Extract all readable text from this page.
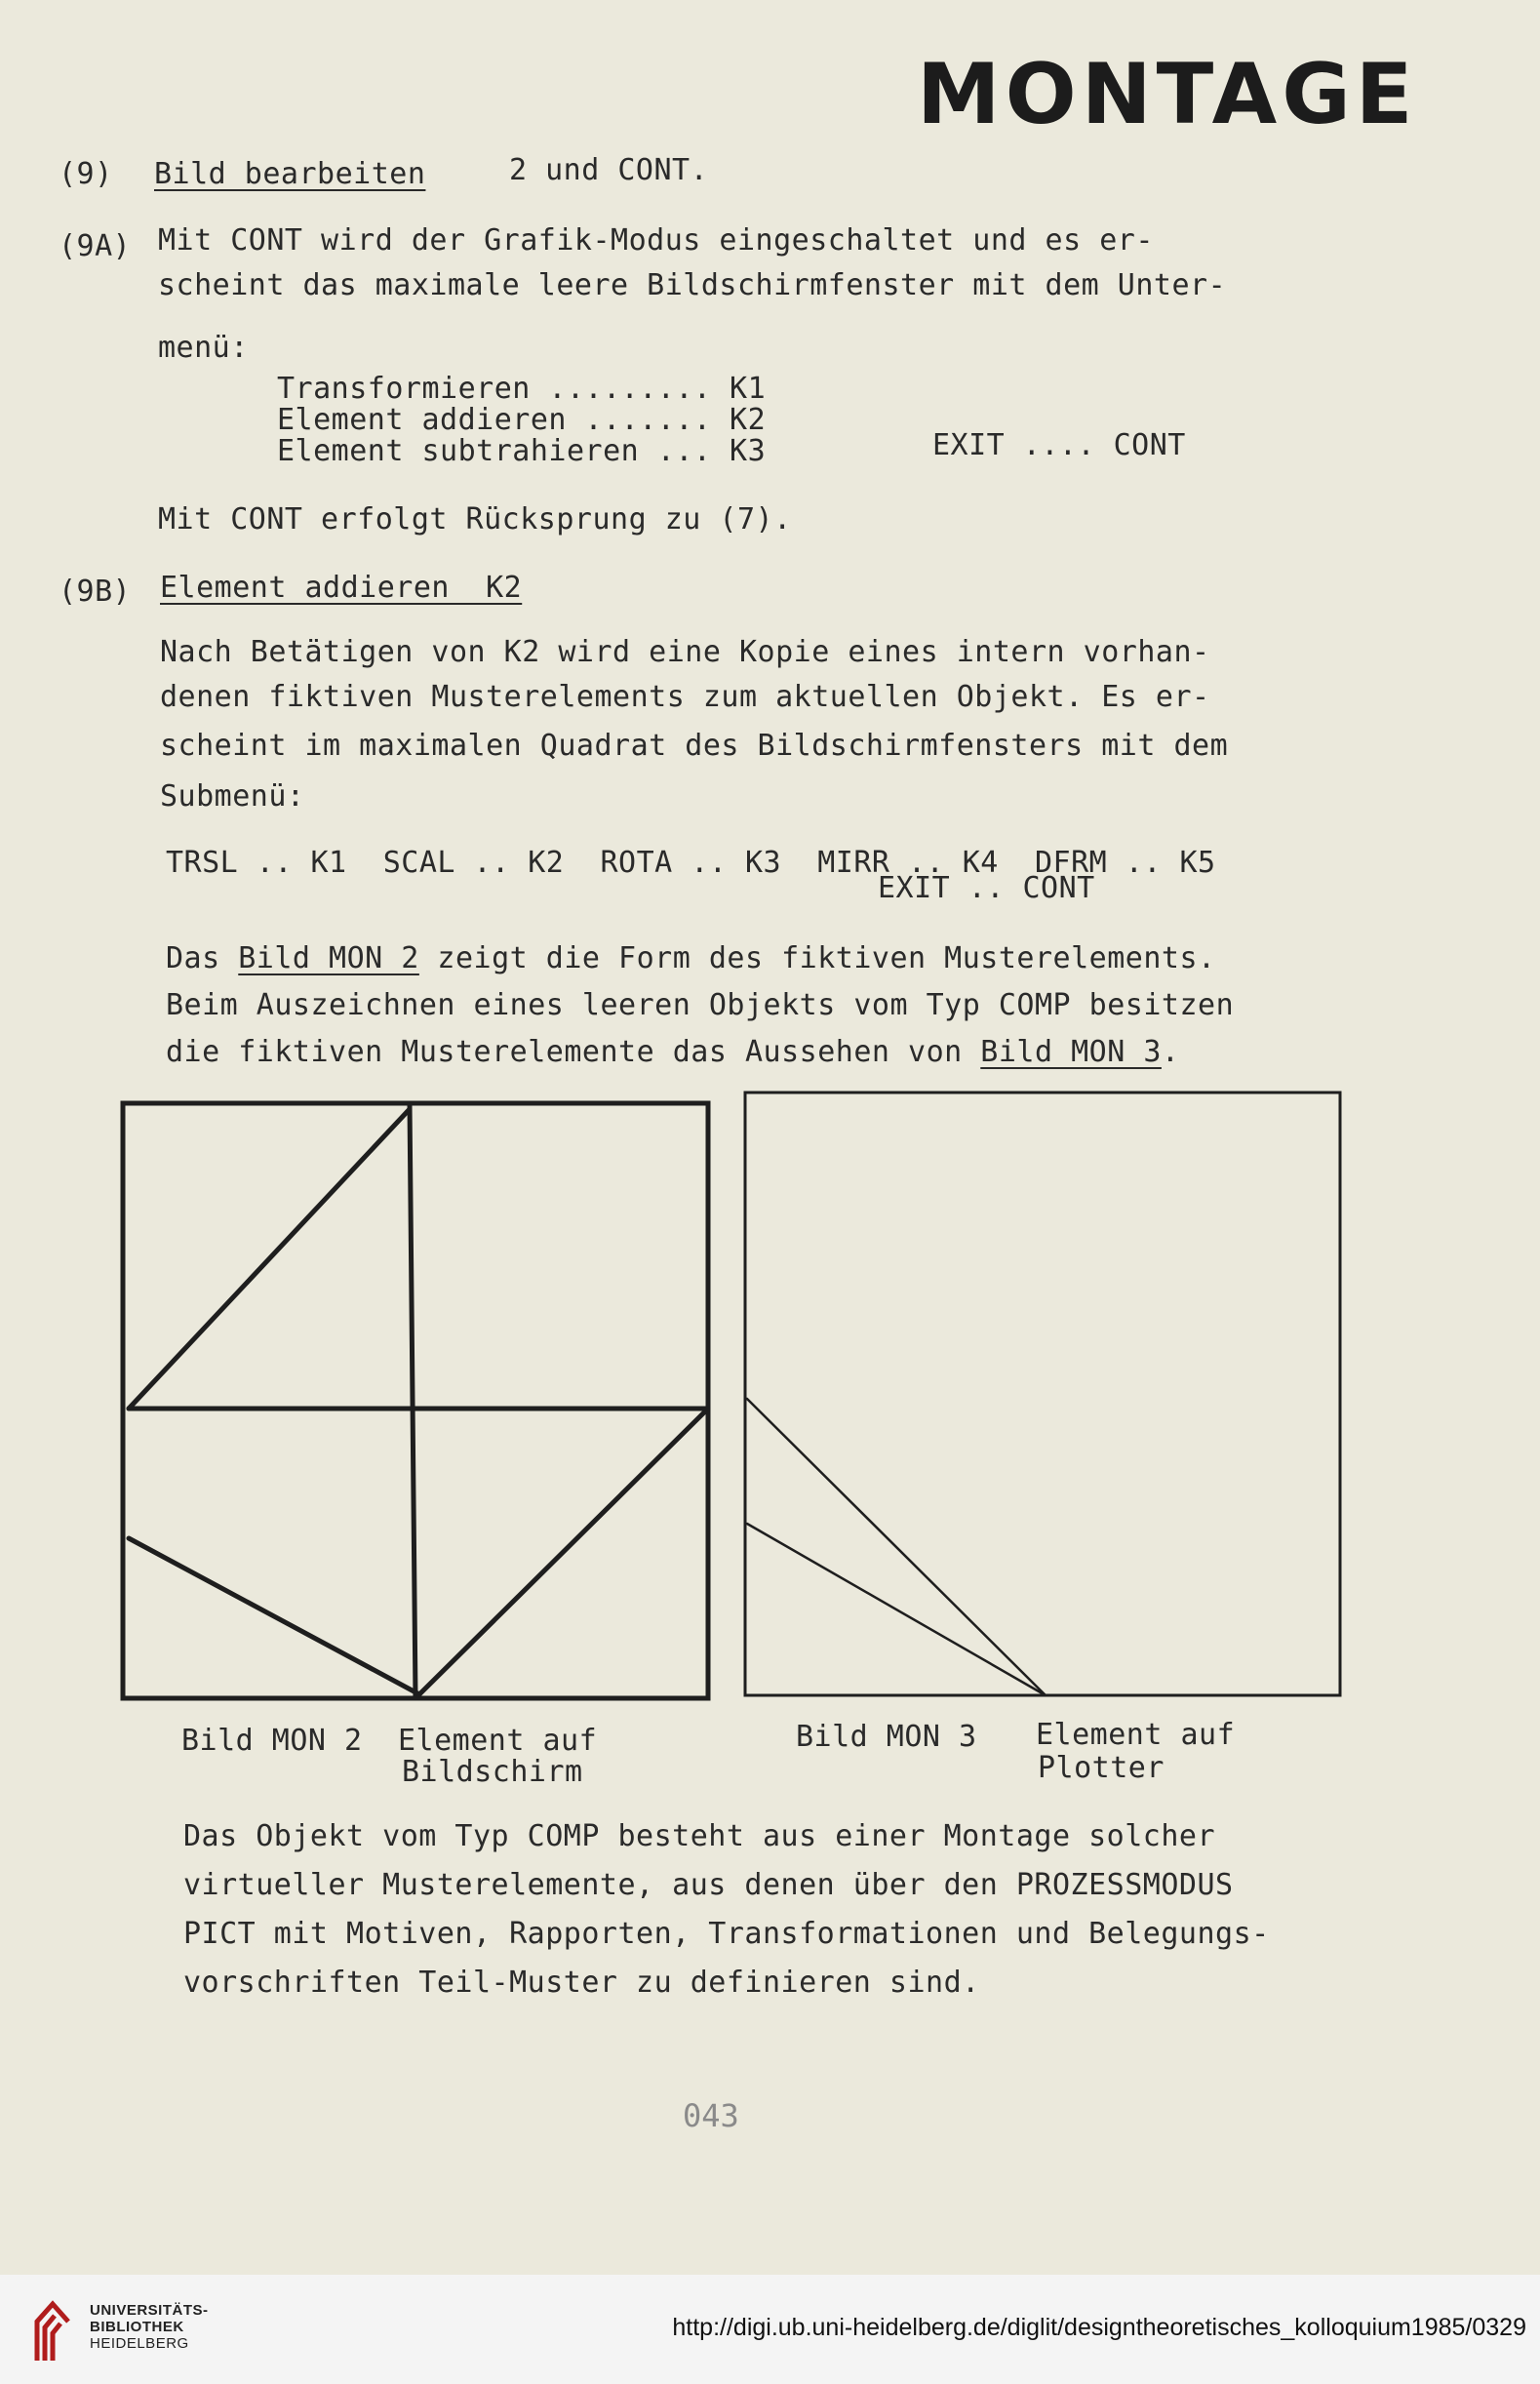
MONTAGE
(9) Bild bearbeiten	2 und CONT.
(9A) Mit CONT wird der Grafik-Modus eingeschaltet und es er-
scheint das maximale leere Bildschirmfenster mit dem Unter-
menü:
Transformieren ......... K1
Element addieren ....... K2
Element subtrahieren ... K3	EXIT .... CONT
Mit CONT erfolgt Rücksprung zu (7).
(9B) Element addieren  K2
Nach Betätigen von K2 wird eine Kopie eines intern vorhan-
denen fiktiven Musterelements zum aktuellen Objekt. Es er-
scheint im maximalen Quadrat des Bildschirmfensters mit dem
Submenü:
TRSL .. K1  SCAL .. K2  ROTA .. K3  MIRR .. K4  DFRM .. K5
EXIT .. CONT
Das Bild MON 2 zeigt die Form des fiktiven Musterelements.
Beim Auszeichnen eines leeren Objekts vom Typ COMP besitzen
die fiktiven Musterelemente das Aussehen von Bild MON 3.
Bild MON 2 Element auf
Bildschirm
Bild MON 3 Element auf
Plotter
Das Objekt vom Typ COMP besteht aus einer Montage solcher
virtueller Musterelemente, aus denen über den PROZESSMODUS
PICT mit Motiven, Rapporten, Transformationen und Belegungs-
vorschriften Teil-Muster zu definieren sind.
043
UNIVERSITÄTS-
BIBLIOTHEK
HEIDELBERG
http://digi.ub.uni-heidelberg.de/diglit/designtheoretisches_kolloquium1985/0329
